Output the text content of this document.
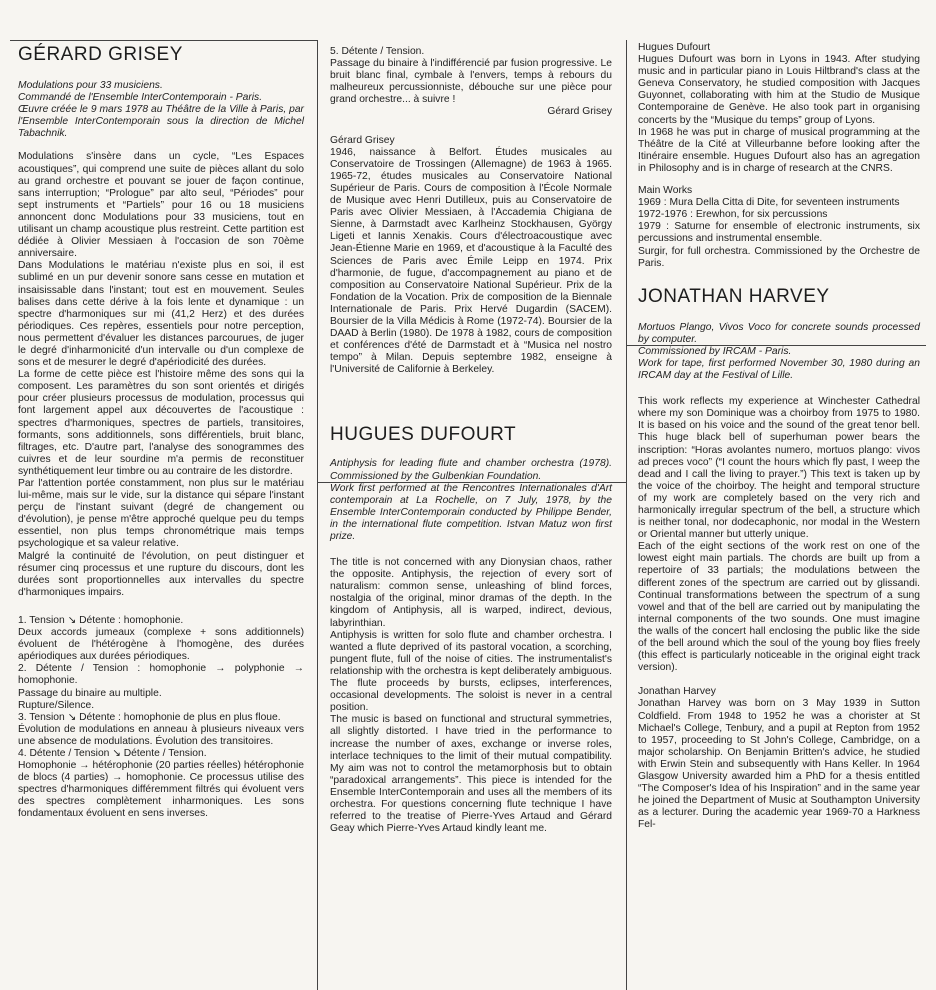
GÉRARD GRISEY

Modulations pour 33 musiciens.

Commandé de l'Ensemble InterContemporain - Paris.

Œuvre créée le 9 mars 1978 au Théâtre de la Ville à Paris, par l'Ensemble InterContemporain sous la direction de Michel Tabachnik.

Modulations s'insère dans un cycle, “Les Espaces acoustiques”, qui comprend une suite de pièces allant du solo au grand orchestre et pouvant se jouer de façon continue, sans interruption; “Prologue” par alto seul, “Périodes” pour sept instruments et “Partiels” pour 16 ou 18 musiciens annoncent donc Modulations pour 33 musiciens, tout en utilisant un champ acoustique plus restreint. Cette partition est dédiée à Olivier Messiaen à l'occasion de son 70ème anniversaire.

Dans Modulations le matériau n'existe plus en soi, il est sublimé en un pur devenir sonore sans cesse en mutation et insaisissable dans l'instant; tout est en mouvement. Seules balises dans cette dérive à la fois lente et dynamique : un spectre d'harmoniques sur mi (41,2 Herz) et des durées périodiques. Ces repères, essentiels pour notre perception, nous permettent d'évaluer les distances parcourues, de juger le degré d'inharmonicité d'un intervalle ou d'un complexe de sons et de mesurer le degré d'apériodicité des durées.

La forme de cette pièce est l'histoire même des sons qui la composent. Les paramètres du son sont orientés et dirigés pour créer plusieurs processus de modulation, processus qui font largement appel aux découvertes de l'acoustique : spectres d'harmoniques, spectres de partiels, transitoires, formants, sons additionnels, sons différentiels, bruit blanc, filtrages, etc. D'autre part, l'analyse des sonogrammes des cuivres et de leur sourdine m'a permis de reconstituer synthétiquement leur timbre ou au contraire de les distordre.

Par l'attention portée constamment, non plus sur le matériau lui-même, mais sur le vide, sur la distance qui sépare l'instant perçu de l'instant suivant (degré de changement ou d'évolution), je pense m'être approché quelque peu du temps essentiel, non plus temps chronométrique mais temps psychologique et sa valeur relative.

Malgré la continuité de l'évolution, on peut distinguer et résumer cinq processus et une rupture du discours, dont les durées sont proportionnelles aux intervalles du spectre d'harmoniques impairs.

1. Tension ↘ Détente : homophonie.

Deux accords jumeaux (complexe + sons additionnels) évoluent de l'hétérogène à l'homogène, des durées apériodiques aux durées périodiques.

2. Détente / Tension : homophonie → polyphonie → homophonie.

Passage du binaire au multiple.

Rupture/Silence.

3. Tension ↘ Détente : homophonie de plus en plus floue.

Évolution de modulations en anneau à plusieurs niveaux vers une absence de modulations. Évolution des transitoires.

4. Détente / Tension ↘ Détente / Tension.

Homophonie → hétérophonie (20 parties réelles) hétérophonie de blocs (4 parties) → homophonie. Ce processus utilise des spectres d'harmoniques différemment filtrés qui évoluent vers des spectres complètement inharmoniques. Les sons fondamentaux évoluent en sens inverses.

5. Détente / Tension.

Passage du binaire à l'indifférencié par fusion progressive. Le bruit blanc final, cymbale à l'envers, temps à rebours du malheureux percussionniste, débouche sur une pièce pour grand orchestre... à suivre !

Gérard Grisey

Gérard Grisey

1946, naissance à Belfort. Études musicales au Conservatoire de Trossingen (Allemagne) de 1963 à 1965. 1965-72, études musicales au Conservatoire National Supérieur de Paris. Cours de composition à l'École Normale de Musique avec Henri Dutilleux, puis au Conservatoire de Paris avec Olivier Messiaen, à l'Accademia Chigiana de Sienne, à Darmstadt avec Karlheinz Stockhausen, György Ligeti et Iannis Xenakis. Cours d'électroacoustique avec Jean-Étienne Marie en 1969, et d'acoustique à la Faculté des Sciences de Paris avec Émile Leipp en 1974. Prix d'harmonie, de fugue, d'accompagnement au piano et de composition au Conservatoire National Supérieur. Prix de la Fondation de la Vocation. Prix de composition de la Biennale Internationale de Paris. Prix Hervé Dugardin (SACEM). Boursier de la Villa Médicis à Rome (1972-74). Boursier de la DAAD à Berlin (1980). De 1978 à 1982, cours de composition et conférences d'été de Darmstadt et à “Musica nel nostro tempo” à Milan. Depuis septembre 1982, enseigne à l'Université de Californie à Berkeley.

HUGUES DUFOURT

Antiphysis for leading flute and chamber orchestra (1978). Commissioned by the Gulbenkian Foundation.

Work first performed at the Rencontres Internationales d'Art contemporain at La Rochelle, on 7 July, 1978, by the Ensemble InterContemporain conducted by Philippe Bender, in the international flute competition. Istvan Matuz won first prize.

The title is not concerned with any Dionysian chaos, rather the opposite. Antiphysis, the rejection of every sort of naturalism: common sense, unleashing of blind forces, nostalgia of the original, minor dramas of the depth. In the kingdom of Antiphysis, all is warped, indirect, devious, labyrinthian.

Antiphysis is written for solo flute and chamber orchestra. I wanted a flute deprived of its pastoral vocation, a scorching, pungent flute, full of the noise of cities. The instrumentalist's relationship with the orchestra is kept deliberately ambiguous. The flute proceeds by bursts, eclipses, interferences, occasional developments. The soloist is never in a central position.

The music is based on functional and structural symmetries, all slightly distorted. I have tried in the performance to increase the number of axes, exchange or inverse roles, interlace techniques to the limit of their mutual compatibility. My aim was not to control the metamorphosis but to obtain “paradoxical arrangements”. This piece is intended for the Ensemble InterContemporain and uses all the members of its orchestra. For questions concerning flute technique I have referred to the treatise of Pierre-Yves Artaud and Gérard Geay which Pierre-Yves Artaud kindly leant me.

Hugues Dufourt

Hugues Dufourt was born in Lyons in 1943. After studying music and in particular piano in Louis Hiltbrand's class at the Geneva Conservatory, he studied composition with Jacques Guyonnet, collaborating with him at the Studio de Musique Contemporaine de Genève. He also took part in organising concerts by the “Musique du temps” group of Lyons.

In 1968 he was put in charge of musical programming at the Théâtre de la Cité at Villeurbanne before looking after the Itinéraire ensemble. Hugues Dufourt also has an agregation in Philosophy and is in charge of research at the CNRS.

Main Works

1969 : Mura Della Citta di Dite, for seventeen instruments

1972-1976 : Erewhon, for six percussions

1979 : Saturne for ensemble of electronic instruments, six percussions and instrumental ensemble.

Surgir, for full orchestra. Commissioned by the Orchestre de Paris.

JONATHAN HARVEY

Mortuos Plango, Vivos Voco for concrete sounds processed by computer.

Commissioned by IRCAM - Paris.

Work for tape, first performed November 30, 1980 during an IRCAM day at the Festival of Lille.

This work reflects my experience at Winchester Cathedral where my son Dominique was a choirboy from 1975 to 1980. It is based on his voice and the sound of the great tenor bell. This huge black bell of superhuman power bears the inscription: “Horas avolantes numero, mortuos plango: vivos ad preces voco” (“I count the hours which fly past, I weep the dead and I call the living to prayer.”) This text is taken up by the voice of the choirboy. The height and temporal structure of my work are completely based on the very rich and harmonically irregular spectrum of the bell, a structure which is neither tonal, nor dodecaphonic, nor modal in the Western or Oriental manner but utterly unique.

Each of the eight sections of the work rest on one of the lowest eight main partials. The chords are built up from a repertoire of 33 partials; the modulations between the different zones of the spectrum are carried out by glissandi. Continual transformations between the spectrum of a sung vowel and that of the bell are carried out by manipulating the internal components of the two sounds. One must imagine the walls of the concert hall enclosing the public like the side of the bell around which the soul of the young boy flies freely (this effect is particularly noticeable in the original eight track version).

Jonathan Harvey

Jonathan Harvey was born on 3 May 1939 in Sutton Coldfield. From 1948 to 1952 he was a chorister at St Michael's College, Tenbury, and a pupil at Repton from 1952 to 1957, proceeding to St John's College, Cambridge, on a major scholarship. On Benjamin Britten's advice, he studied with Erwin Stein and subsequently with Hans Keller. In 1964 Glasgow University awarded him a PhD for a thesis entitled “The Composer's Idea of his Inspiration” and in the same year he joined the Department of Music at Southampton University as a lecturer. During the academic year 1969-70 a Harkness Fel-
